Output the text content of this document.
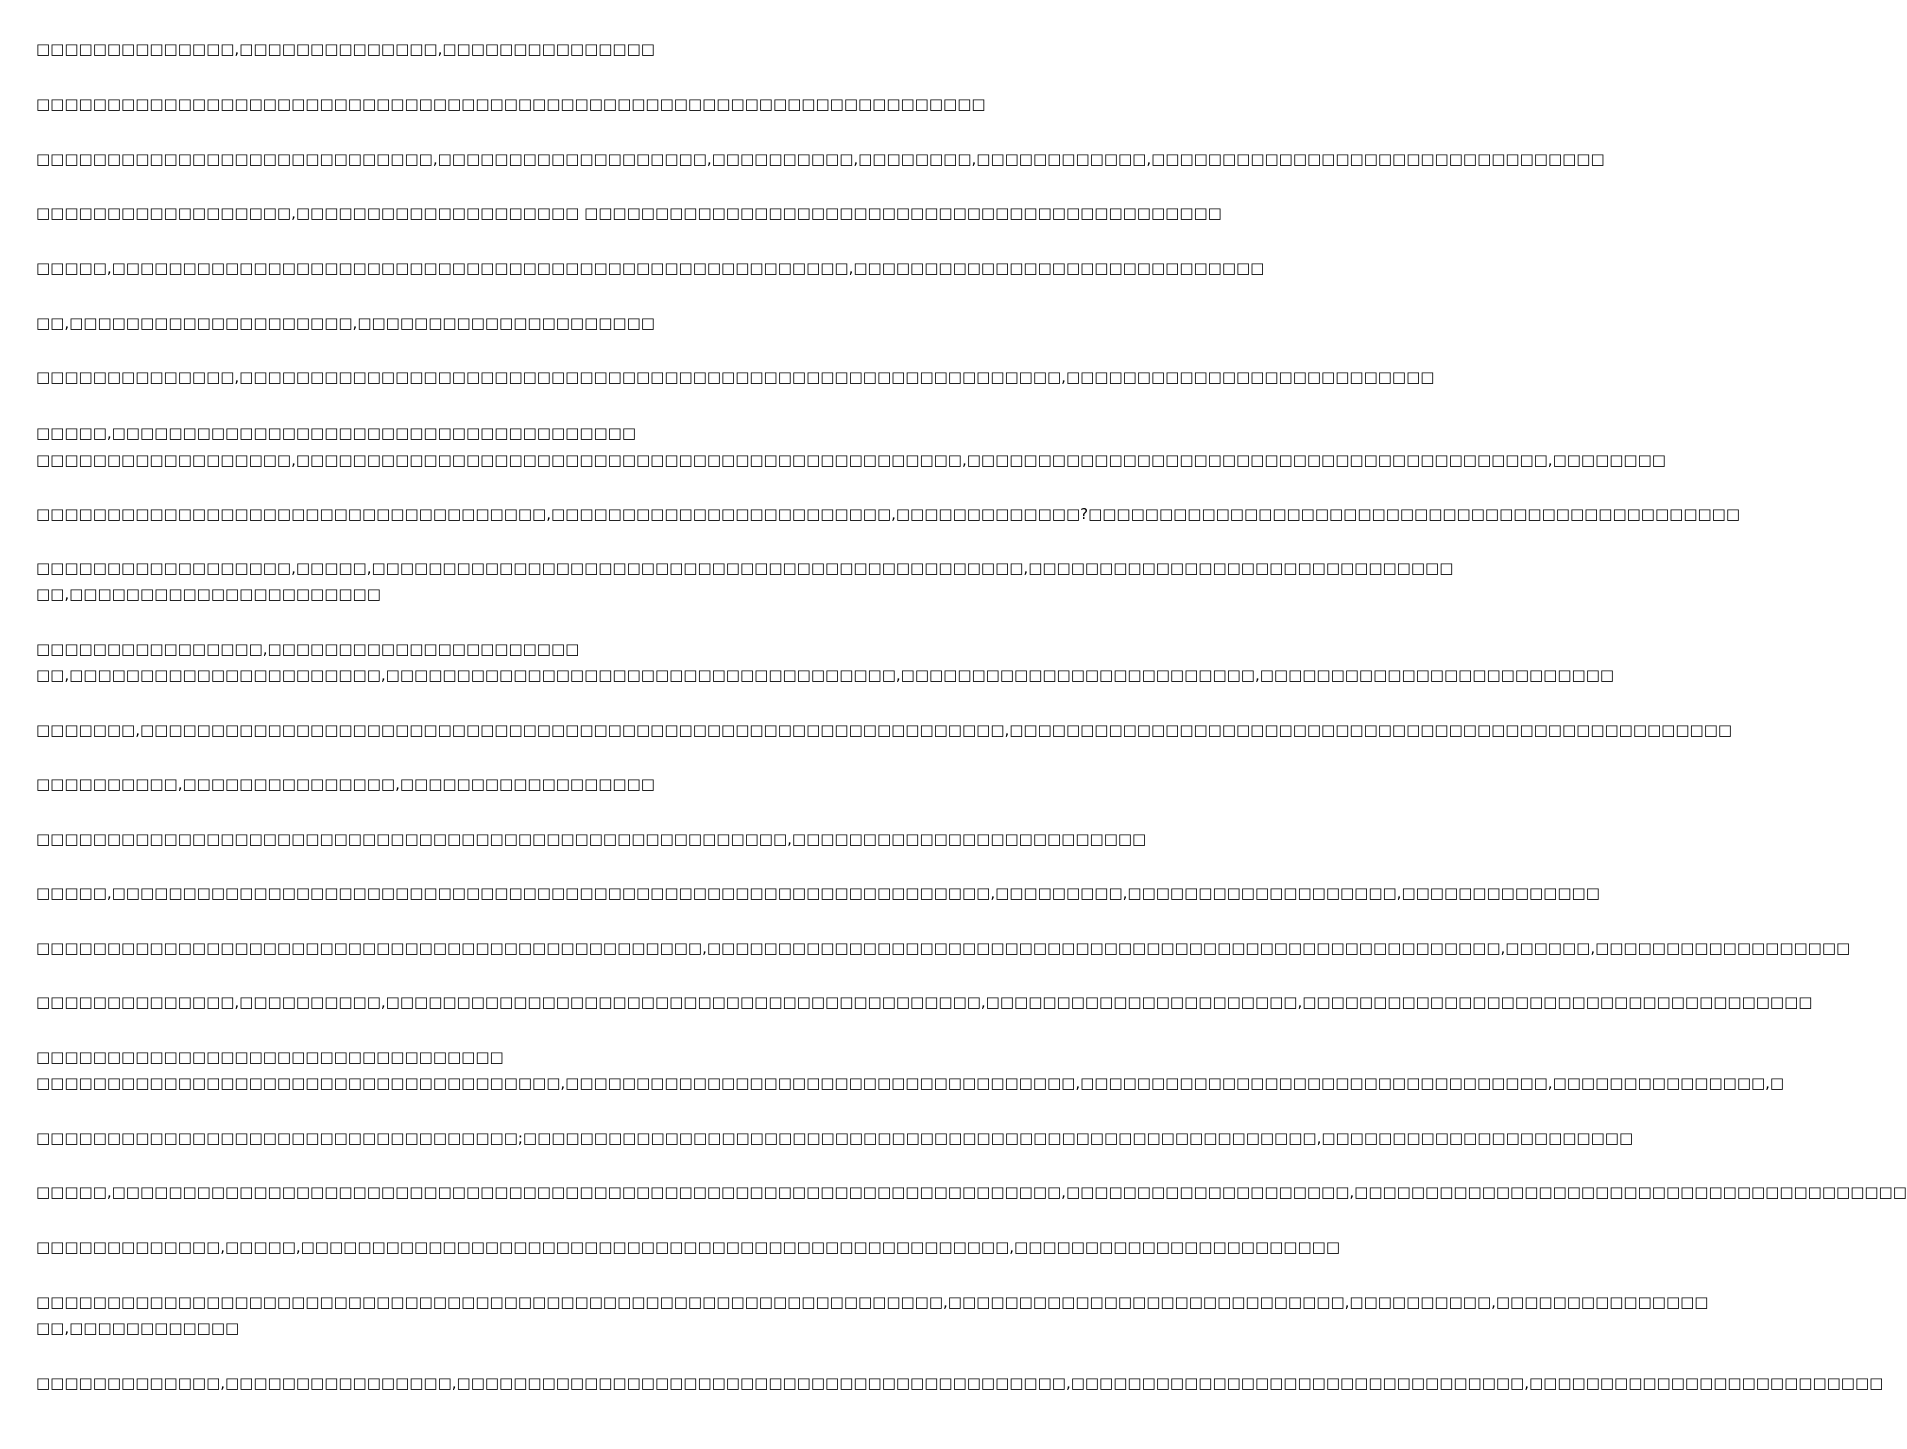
□□□□□□□□□□□□□□,□□□□□□□□□□□□□□,□□□□□□□□□□□□□□□
□□□□□□□□□□□□□□□□□□□□□□□□□□□□□□□□□□□□□□□□□□□□□□□□□□□□□□□□□□□□□□□□□□□
□□□□□□□□□□□□□□□□□□□□□□□□□□□□,□□□□□□□□□□□□□□□□□□□,□□□□□□□□□□,□□□□□□□□,□□□□□□□□□□□□,□□□□□□□□□□□□□□□□□□□□□□□□□□□□□□□□
□□□□□□□□□□□□□□□□□□,□□□□□□□□□□□□□□□□□□□□ □□□□□□□□□□□□□□□□□□□□□□□□□□□□□□□□□□□□□□□□□□□□□
□□□□□,□□□□□□□□□□□□□□□□□□□□□□□□□□□□□□□□□□□□□□□□□□□□□□□□□□□□,□□□□□□□□□□□□□□□□□□□□□□□□□□□□□
□□,□□□□□□□□□□□□□□□□□□□□,□□□□□□□□□□□□□□□□□□□□□
□□□□□□□□□□□□□□,□□□□□□□□□□□□□□□□□□□□□□□□□□□□□□□□□□□□□□□□□□□□□□□□□□□□□□□□□□,□□□□□□□□□□□□□□□□□□□□□□□□□□
□□□□□,□□□□□□□□□□□□□□□□□□□□□□□□□□□□□□□□□□□□□
□□□□□□□□□□□□□□□□□□,□□□□□□□□□□□□□□□□□□□□□□□□□□□□□□□□□□□□□□□□□□□□□□□,□□□□□□□□□□□□□□□□□□□□□□□□□□□□□□□□□□□□□□□□□,□□□□□□□□
□□□□□□□□□□□□□□□□□□□□□□□□□□□□□□□□□□□□,□□□□□□□□□□□□□□□□□□□□□□□□,□□□□□□□□□□□□□?□□□□□□□□□□□□□□□□□□□□□□□□□□□□□□□□□□□□□□□□□□□□□□
□□□□□□□□□□□□□□□□□□,□□□□□,□□□□□□□□□□□□□□□□□□□□□□□□□□□□□□□□□□□□□□□□□□□□□□,□□□□□□□□□□□□□□□□□□□□□□□□□□□□□□
□□,□□□□□□□□□□□□□□□□□□□□□□
□□□□□□□□□□□□□□□□,□□□□□□□□□□□□□□□□□□□□□□
□□,□□□□□□□□□□□□□□□□□□□□□□,□□□□□□□□□□□□□□□□□□□□□□□□□□□□□□□□□□□□,□□□□□□□□□□□□□□□□□□□□□□□□□,□□□□□□□□□□□□□□□□□□□□□□□□□
□□□□□□□,□□□□□□□□□□□□□□□□□□□□□□□□□□□□□□□□□□□□□□□□□□□□□□□□□□□□□□□□□□□□□,□□□□□□□□□□□□□□□□□□□□□□□□□□□□□□□□□□□□□□□□□□□□□□□□□□□
□□□□□□□□□□,□□□□□□□□□□□□□□□,□□□□□□□□□□□□□□□□□□
□□□□□□□□□□□□□□□□□□□□□□□□□□□□□□□□□□□□□□□□□□□□□□□□□□□□□,□□□□□□□□□□□□□□□□□□□□□□□□□
□□□□□,□□□□□□□□□□□□□□□□□□□□□□□□□□□□□□□□□□□□□□□□□□□□□□□□□□□□□□□□□□□□□□,□□□□□□□□□,□□□□□□□□□□□□□□□□□□□,□□□□□□□□□□□□□□
□□□□□□□□□□□□□□□□□□□□□□□□□□□□□□□□□□□□□□□□□□□□□□□,□□□□□□□□□□□□□□□□□□□□□□□□□□□□□□□□□□□□□□□□□□□□□□□□□□□□□□□□,□□□□□□,□□□□□□□□□□□□□□□□□□
□□□□□□□□□□□□□□,□□□□□□□□□□,□□□□□□□□□□□□□□□□□□□□□□□□□□□□□□□□□□□□□□□□□□,□□□□□□□□□□□□□□□□□□□□□□,□□□□□□□□□□□□□□□□□□□□□□□□□□□□□□□□□□□□
□□□□□□□□□□□□□□□□□□□□□□□□□□□□□□□□□
□□□□□□□□□□□□□□□□□□□□□□□□□□□□□□□□□□□□□,□□□□□□□□□□□□□□□□□□□□□□□□□□□□□□□□□□□□,□□□□□□□□□□□□□□□□□□□□□□□□□□□□□□□□□,□□□□□□□□□□□□□□□,□
□□□□□□□□□□□□□□□□□□□□□□□□□□□□□□□□□□;□□□□□□□□□□□□□□□□□□□□□□□□□□□□□□□□□□□□□□□□□□□□□□□□□□□□□□□□,□□□□□□□□□□□□□□□□□□□□□□
□□□□□,□□□□□□□□□□□□□□□□□□□□□□□□□□□□□□□□□□□□□□□□□□□□□□□□□□□□□□□□□□□□□□□□□□□,□□□□□□□□□□□□□□□□□□□□,□□□□□□□□□□□□□□□□□□□□□□□□□□□□□□□□□□□□□□□
□□□□□□□□□□□□□,□□□□□,□□□□□□□□□□□□□□□□□□□□□□□□□□□□□□□□□□□□□□□□□□□□□□□□□□,□□□□□□□□□□□□□□□□□□□□□□□
□□□□□□□□□□□□□□□□□□□□□□□□□□□□□□□□□□□□□□□□□□□□□□□□□□□□□□□□□□□□□□□□,□□□□□□□□□□□□□□□□□□□□□□□□□□□□,□□□□□□□□□□,□□□□□□□□□□□□□□□
□□,□□□□□□□□□□□□
□□□□□□□□□□□□□,□□□□□□□□□□□□□□□□,□□□□□□□□□□□□□□□□□□□□□□□□□□□□□□□□□□□□□□□□□□□,□□□□□□□□□□□□□□□□□□□□□□□□□□□□□□□□,□□□□□□□□□□□□□□□□□□□□□□□□□
